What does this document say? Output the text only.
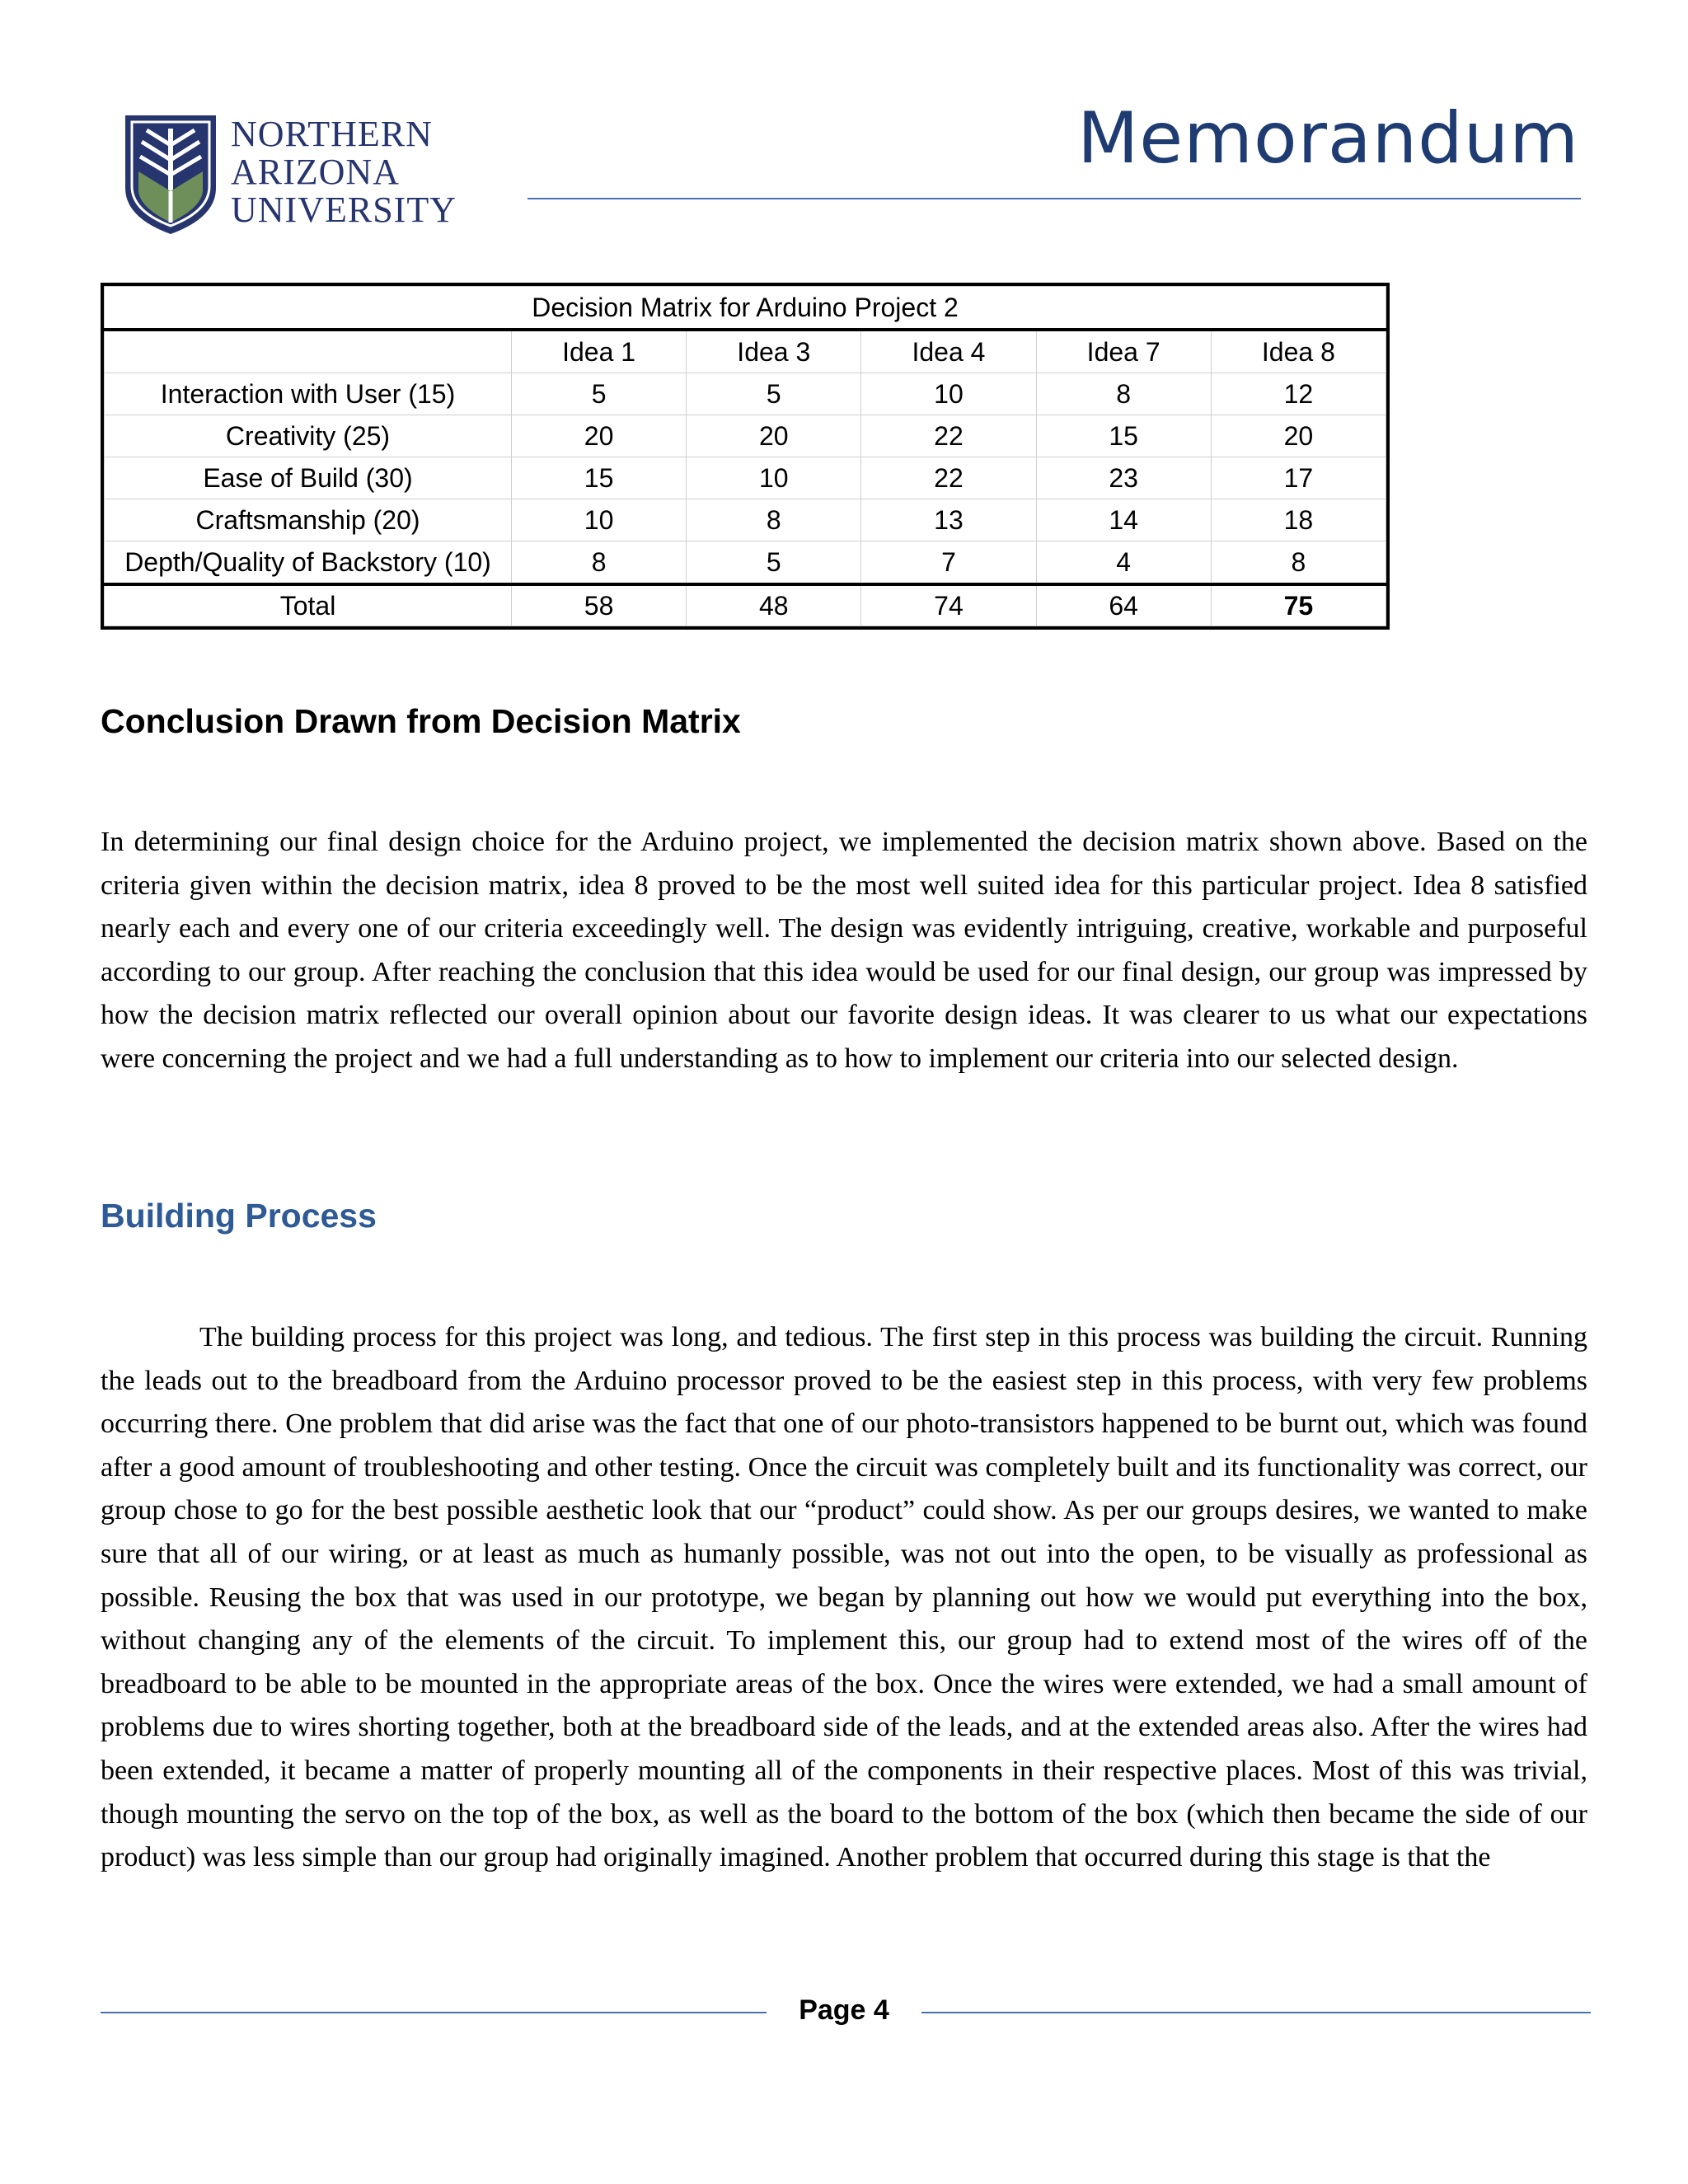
NORTHERN
ARIZONA
UNIVERSITY
Memorandum
Decision Matrix for Arduino Project 2					
	Idea 1	Idea 3	Idea 4	Idea 7	Idea 8
Interaction with User (15)	5	5	10	8	12
Creativity (25)	20	20	22	15	20
Ease of Build (30)	15	10	22	23	17
Craftsmanship (20)	10	8	13	14	18
Depth/Quality of Backstory (10)	8	5	7	4	8
Total	58	48	74	64	75
Conclusion Drawn from Decision Matrix
In determining our final design choice for the Arduino project, we implemented the decision matrix shown above. Based on the criteria given within the decision matrix, idea 8 proved to be the most well suited idea for this particular project. Idea 8 satisfied nearly each and every one of our criteria exceedingly well. The design was evidently intriguing, creative, workable and purposeful according to our group. After reaching the conclusion that this idea would be used for our final design, our group was impressed by how the decision matrix reflected our overall opinion about our favorite design ideas. It was clearer to us what our expectations were concerning the project and we had a full understanding as to how to implement our criteria into our selected design.
Building Process
The building process for this project was long, and tedious. The first step in this process was building the circuit. Running the leads out to the breadboard from the Arduino processor proved to be the easiest step in this process, with very few problems occurring there. One problem that did arise was the fact that one of our photo-transistors happened to be burnt out, which was found after a good amount of troubleshooting and other testing. Once the circuit was completely built and its functionality was correct, our group chose to go for the best possible aesthetic look that our “product” could show. As per our groups desires, we wanted to make sure that all of our wiring, or at least as much as humanly possible, was not out into the open, to be visually as professional as possible. Reusing the box that was used in our prototype, we began by planning out how we would put everything into the box, without changing any of the elements of the circuit. To implement this, our group had to extend most of the wires off of the breadboard to be able to be mounted in the appropriate areas of the box. Once the wires were extended, we had a small amount of problems due to wires shorting together, both at the breadboard side of the leads, and at the extended areas also. After the wires had been extended, it became a matter of properly mounting all of the components in their respective places. Most of this was trivial, though mounting the servo on the top of the box, as well as the board to the bottom of the box (which then became the side of our product) was less simple than our group had originally imagined. Another problem that occurred during this stage is that the
Page 4
